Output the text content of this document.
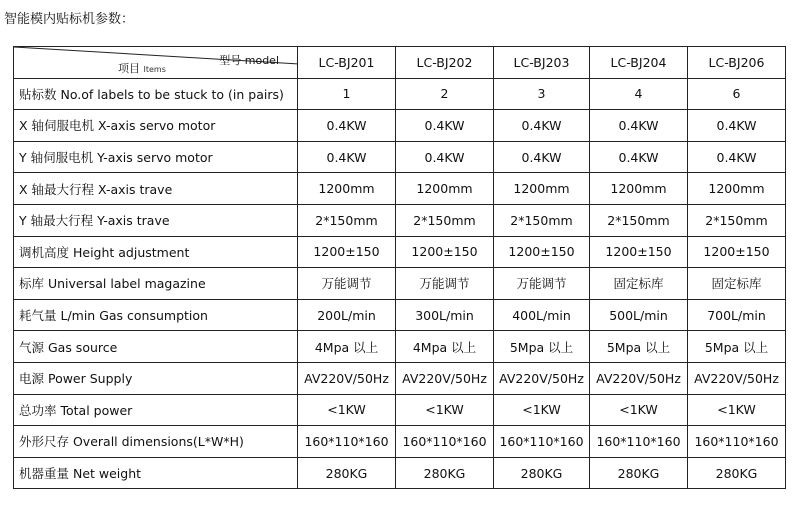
智能模内贴标机参数：
型号 model
项目 Items	LC-BJ201	LC-BJ202	LC-BJ203	LC-BJ204	LC-BJ206
贴标数 No.of labels to be stuck to (in pairs)	1	2	3	4	6
X 轴伺服电机 X-axis servo motor	0.4KW	0.4KW	0.4KW	0.4KW	0.4KW
Y 轴伺服电机 Y-axis servo motor	0.4KW	0.4KW	0.4KW	0.4KW	0.4KW
X 轴最大行程 X-axis trave	1200mm	1200mm	1200mm	1200mm	1200mm
Y 轴最大行程 Y-axis trave	2*150mm	2*150mm	2*150mm	2*150mm	2*150mm
调机高度 Height adjustment	1200±150	1200±150	1200±150	1200±150	1200±150
标库 Universal label magazine	万能调节	万能调节	万能调节	固定标库	固定标库
耗气量 L/min Gas consumption	200L/min	300L/min	400L/min	500L/min	700L/min
气源 Gas source	4Mpa 以上	4Mpa 以上	5Mpa 以上	5Mpa 以上	5Mpa 以上
电源 Power Supply	AV220V/50Hz	AV220V/50Hz	AV220V/50Hz	AV220V/50Hz	AV220V/50Hz
总功率 Total power	<1KW	<1KW	<1KW	<1KW	<1KW
外形尺存 Overall dimensions(L*W*H)	160*110*160	160*110*160	160*110*160	160*110*160	160*110*160
机器重量 Net weight	280KG	280KG	280KG	280KG	280KG
